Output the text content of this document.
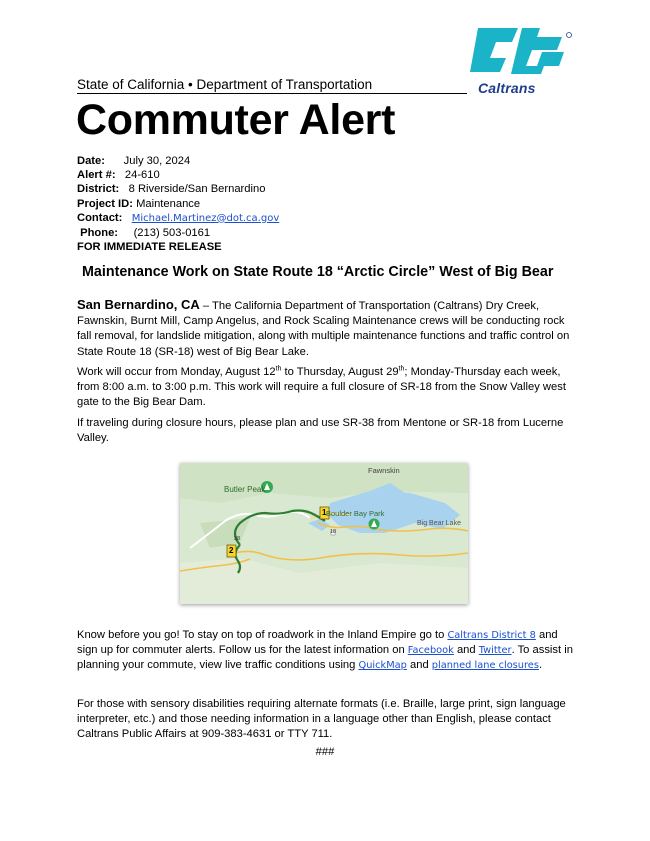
State of California • Department of Transportation
Commuter Alert
Caltrans
Date: July 30, 2024
Alert #: 24-610
District: 8 Riverside/San Bernardino
Project ID: Maintenance
Contact: Michael.Martinez@dot.ca.gov
Phone: (213) 503-0161
FOR IMMEDIATE RELEASE
Maintenance Work on State Route 18 “Arctic Circle” West of Big Bear
San Bernardino, CA – The California Department of Transportation (Caltrans) Dry Creek, Fawnskin, Burnt Mill, Camp Angelus, and Rock Scaling Maintenance crews will be conducting rock fall removal, for landslide mitigation, along with multiple maintenance functions and traffic control on State Route 18 (SR-18) west of Big Bear Lake.
Work will occur from Monday, August 12th to Thursday, August 29th; Monday-Thursday each week, from 8:00 a.m. to 3:00 p.m. This work will require a full closure of SR-18 from the Snow Valley west gate to the Big Bear Dam.
If traveling during closure hours, please plan and use SR-38 from Mentone or SR-18 from Lucerne Valley.
Fawnskin
Butler Peak
Boulder Bay Park
Big Bear Lake
1
2
18
38
Know before you go! To stay on top of roadwork in the Inland Empire go to Caltrans District 8 and sign up for commuter alerts. Follow us for the latest information on Facebook and Twitter. To assist in planning your commute, view live traffic conditions using QuickMap and planned lane closures.
For those with sensory disabilities requiring alternate formats (i.e. Braille, large print, sign language interpreter, etc.) and those needing information in a language other than English, please contact Caltrans Public Affairs at 909-383-4631 or TTY 711.
###
